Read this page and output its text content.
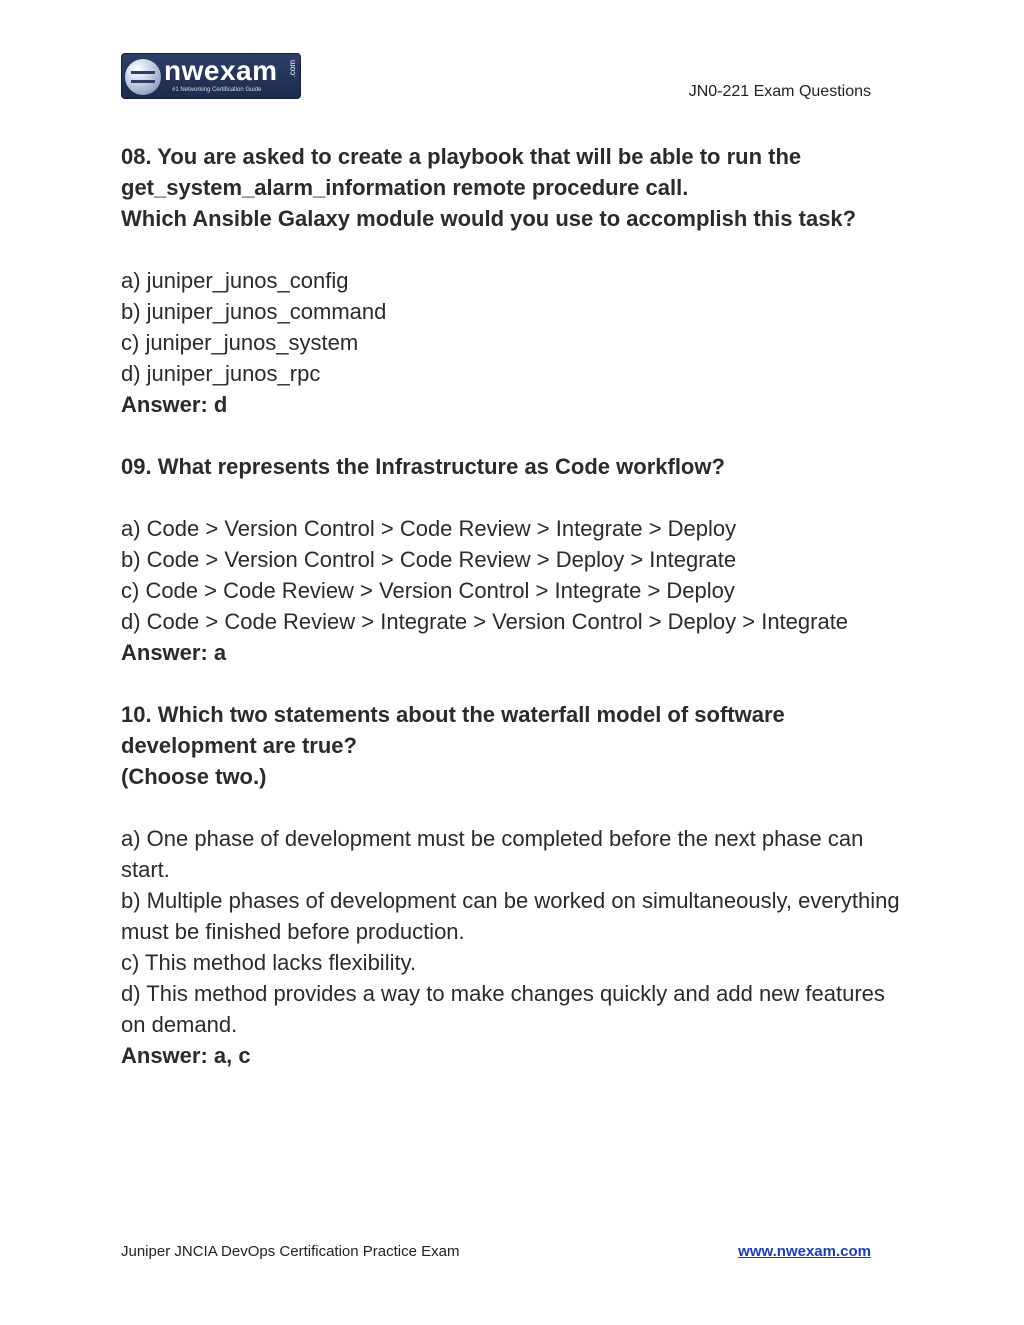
nwexam .com
#1 Networking Certification Guide	JN0-221 Exam Questions
08. You are asked to create a playbook that will be able to run the get_system_alarm_information remote procedure call.
Which Ansible Galaxy module would you use to accomplish this task?
a) juniper_junos_config
b) juniper_junos_command
c) juniper_junos_system
d) juniper_junos_rpc
Answer: d
09. What represents the Infrastructure as Code workflow?
a) Code > Version Control > Code Review > Integrate > Deploy
b) Code > Version Control > Code Review > Deploy > Integrate
c) Code > Code Review > Version Control > Integrate > Deploy
d) Code > Code Review > Integrate > Version Control > Deploy > Integrate
Answer: a
10. Which two statements about the waterfall model of software development are true?
(Choose two.)
a) One phase of development must be completed before the next phase can start.
b) Multiple phases of development can be worked on simultaneously, everything must be finished before production.
c) This method lacks flexibility.
d) This method provides a way to make changes quickly and add new features on demand.
Answer: a, c
Juniper JNCIA DevOps Certification Practice Exam	www.nwexam.com
